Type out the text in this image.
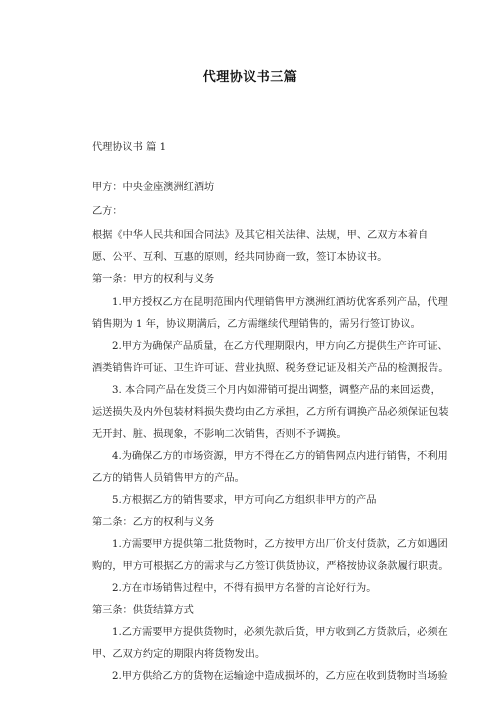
代理协议书三篇
代理协议书 篇 1
甲方：中央金座澳洲红酒坊
乙方：
根据《中华人民共和国合同法》及其它相关法律、法规，甲、乙双方本着自
愿、公平、互利、互惠的原则，经共同协商一致，签订本协议书。
第一条：甲方的权利与义务
1.甲方授权乙方在昆明范围内代理销售甲方澳洲红酒坊优客系列产品，代理
销售期为 1 年，协议期满后，乙方需继续代理销售的，需另行签订协议。
2.甲方为确保产品质量，在乙方代理期限内，甲方向乙方提供生产许可证、
酒类销售许可证、卫生许可证、营业执照、税务登记证及相关产品的检测报告。
3. 本合同产品在发货三个月内如滞销可提出调整，调整产品的来回运费，
运送损失及内外包装材料损失费均由乙方承担，乙方所有调换产品必须保证包装
无开封、脏、损现象，不影响二次销售，否则不予调换。
4.为确保乙方的市场资源，甲方不得在乙方的销售网点内进行销售，不利用
乙方的销售人员销售甲方的产品。
5.方根据乙方的销售要求，甲方可向乙方组织非甲方的产品
第二条：乙方的权利与义务
1.方需要甲方提供第二批货物时，乙方按甲方出厂价支付货款，乙方如遇团
购的，甲方可根据乙方的需求与乙方签订供货协议，严格按协议条款履行职责。
2.方在市场销售过程中，不得有损甲方名誉的言论好行为。
第三条：供货结算方式
1.乙方需要甲方提供货物时，必须先款后货，甲方收到乙方货款后，必须在
甲、乙双方约定的期限内将货物发出。
2.甲方供给乙方的货物在运输途中造成损坏的，乙方应在收到货物时当场验
